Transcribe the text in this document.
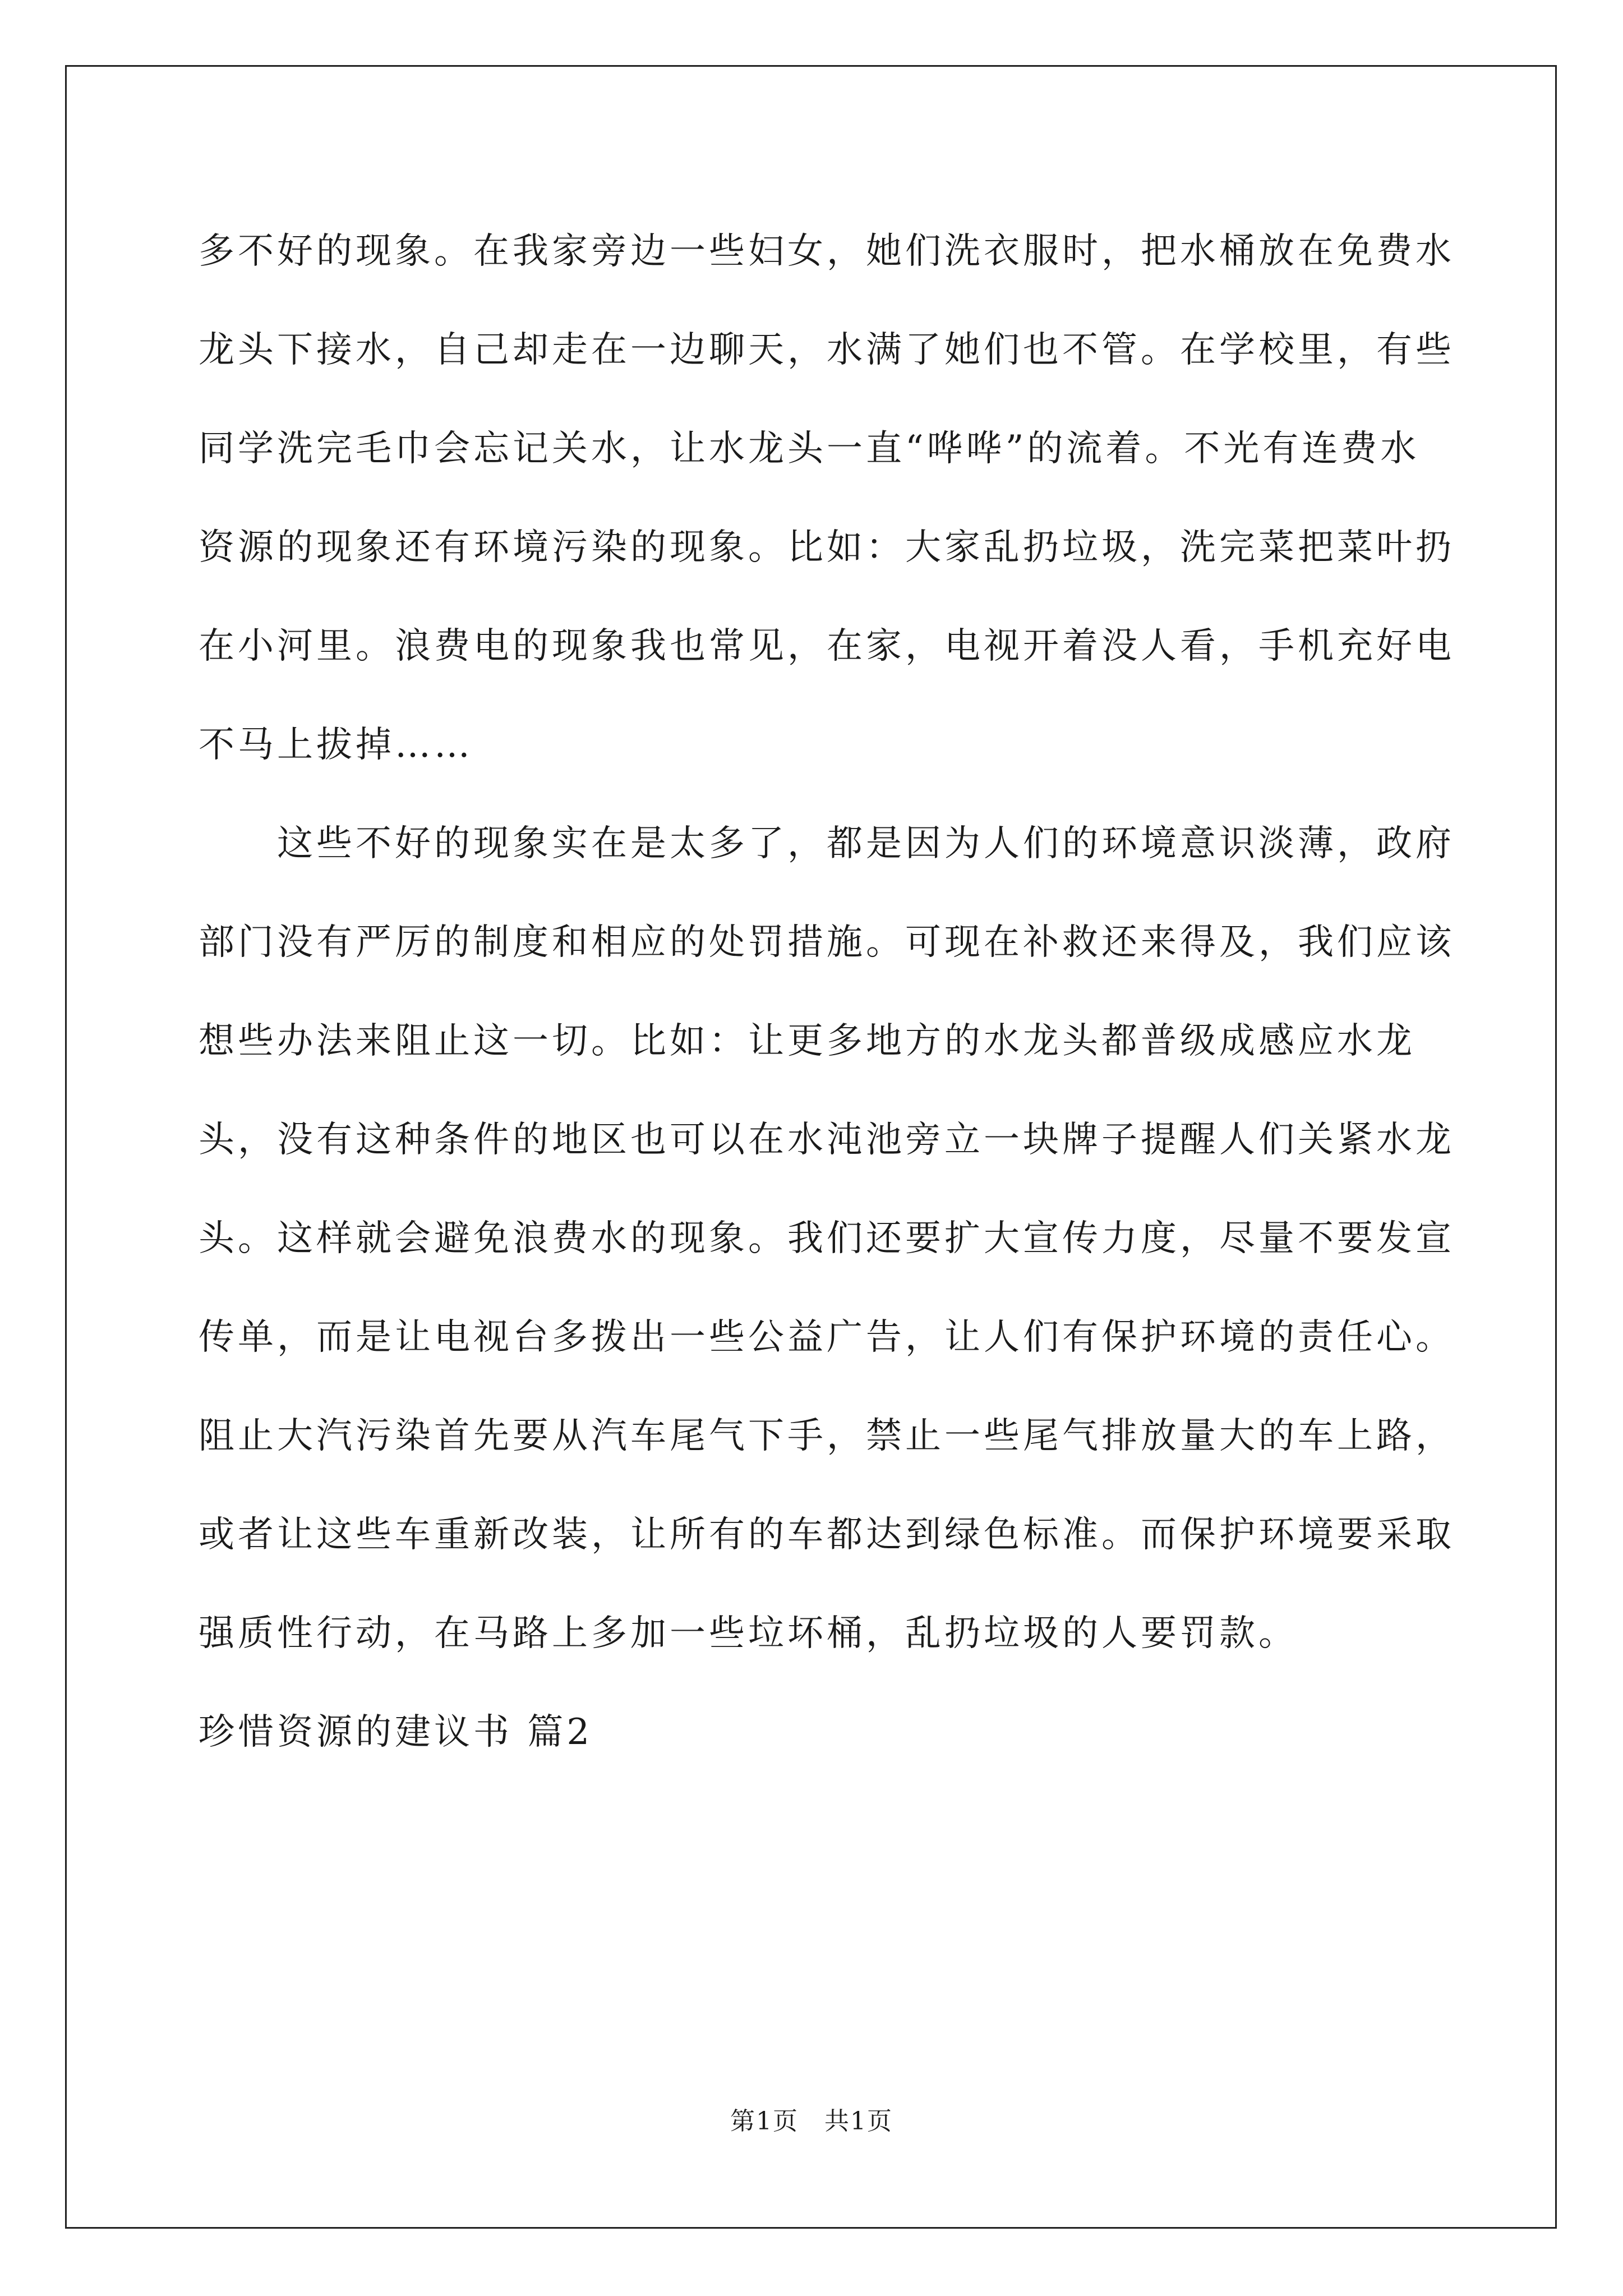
多不好的现象。在我家旁边一些妇女，她们洗衣服时，把水桶放在免费水龙头下接水，自己却走在一边聊天，水满了她们也不管。在学校里，有些同学洗完毛巾会忘记关水，让水龙头一直“哗哗”的流着。不光有连费水资源的现象还有环境污染的现象。比如：大家乱扔垃圾，洗完菜把菜叶扔在小河里。浪费电的现象我也常见，在家，电视开着没人看，手机充好电不马上拔掉……

这些不好的现象实在是太多了，都是因为人们的环境意识淡薄，政府部门没有严厉的制度和相应的处罚措施。可现在补救还来得及，我们应该想些办法来阻止这一切。比如：让更多地方的水龙头都普级成感应水龙头，没有这种条件的地区也可以在水沌池旁立一块牌子提醒人们关紧水龙头。这样就会避免浪费水的现象。我们还要扩大宣传力度，尽量不要发宣传单，而是让电视台多拨出一些公益广告，让人们有保护环境的责任心。阻止大汽污染首先要从汽车尾气下手，禁止一些尾气排放量大的车上路，或者让这些车重新改装，让所有的车都达到绿色标准。而保护环境要采取强质性行动，在马路上多加一些垃坏桶，乱扔垃圾的人要罚款。

珍惜资源的建议书 篇2

第1页　共1页
